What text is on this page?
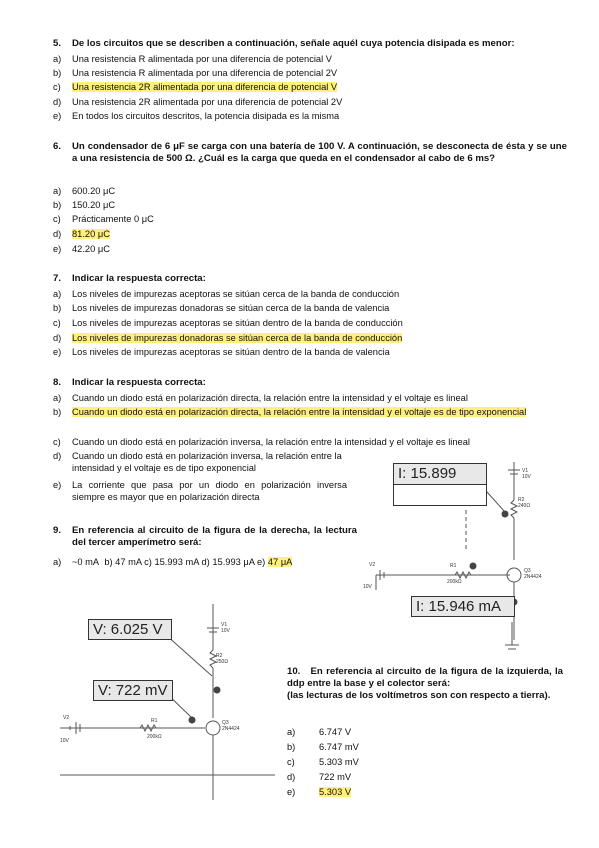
5. De los circuitos que se describen a continuación, señale aquél cuya potencia disipada es menor:
a) Una resistencia R alimentada por una diferencia de potencial V
b) Una resistencia R alimentada por una diferencia de potencial 2V
c) Una resistencia 2R alimentada por una diferencia de potencial V
d) Una resistencia 2R alimentada por una diferencia de potencial 2V
e) En todos los circuitos descritos, la potencia disipada es la misma
6. Un condensador de 6 μF se carga con una batería de 100 V. A continuación, se desconecta de ésta y se une a una resistencia de 500 Ω. ¿Cuál es la carga que queda en el condensador al cabo de 6 ms?
a) 600.20 μC
b) 150.20 μC
c) Prácticamente 0 μC
d) 81.20 μC
e) 42.20 μC
7. Indicar la respuesta correcta:
a) Los niveles de impurezas aceptoras se sitúan cerca de la banda de conducción
b) Los niveles de impurezas donadoras se sitúan cerca de la banda de valencia
c) Los niveles de impurezas aceptoras se sitúan dentro de la banda de conducción
d) Los niveles de impurezas donadoras se sitúan cerca de la banda de conducción
e) Los niveles de impurezas aceptoras se sitúan dentro de la banda de valencia
8. Indicar la respuesta correcta:
a) Cuando un diodo está en polarización directa, la relación entre la intensidad y el voltaje es lineal
b)	Cuando un diodo está en polarización directa, la relación entre la intensidad y el voltaje es de tipo exponencial
c) Cuando un diodo está en polarización inversa, la relación entre la intensidad y el voltaje es lineal
d)	Cuando un diodo está en polarización inversa, la relación entre la intensidad y el voltaje es de tipo exponencial
e)	La corriente que pasa por un diodo en polarización inversa siempre es mayor que en polarización directa
9. En referencia al circuito de la figura de la derecha, la lectura del tercer amperímetro será:
a) ~0 mA b) 47 mA c) 15.993 mA d) 15.993 μA e) 47 μA
10. En referencia al circuito de la figura de la izquierda, la ddp entre la base y el colector será:
(las lecturas de los voltímetros son con respecto a tierra).
a)	6.747 V
b)	6.747 mV
c)	5.303 mV
d)	722 mV
e)	5.303 V
I: 15.899
I: 15.946 mA
V1
10V
R2
240Ω
R1
200kΩ
Q3
2N4424
V2
10V
V: 6.025 V
V: 722 mV
V1
10V
R2
250Ω
R1
200kΩ
Q3
2N4424
V2
10V
